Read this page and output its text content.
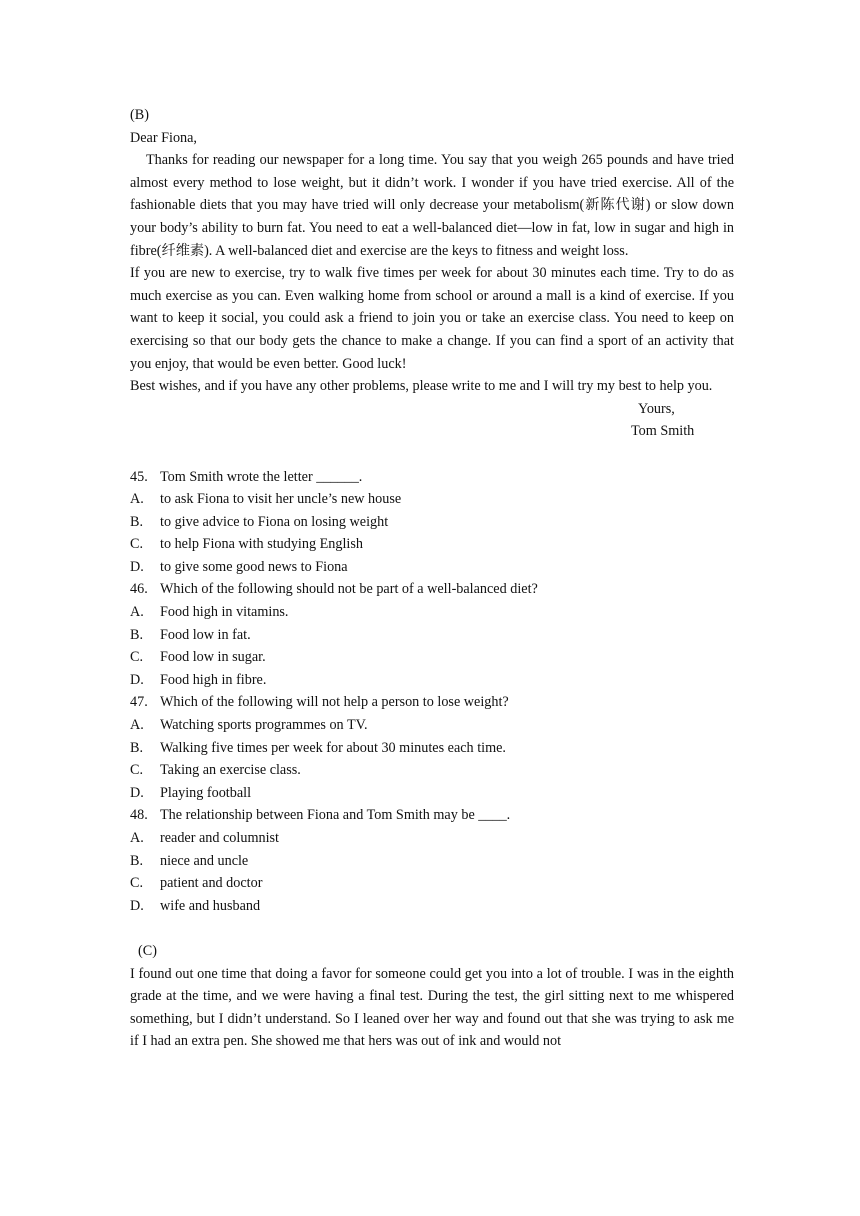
(B)

Dear Fiona,

Thanks for reading our newspaper for a long time. You say that you weigh 265 pounds and have tried almost every method to lose weight, but it didn’t work. I wonder if you have tried exercise. All of the fashionable diets that you may have tried will only decrease your metabolism(新陈代谢) or slow down your body’s ability to burn fat. You need to eat a well-balanced diet—low in fat, low in sugar and high in fibre(纤维素). A well-balanced diet and exercise are the keys to fitness and weight loss.

If you are new to exercise, try to walk five times per week for about 30 minutes each time. Try to do as much exercise as you can. Even walking home from school or around a mall is a kind of exercise. If you want to keep it social, you could ask a friend to join you or take an exercise class. You need to keep on exercising so that our body gets the chance to make a change. If you can find a sport of an activity that you enjoy, that would be even better. Good luck!

Best wishes, and if you have any other problems, please write to me and I will try my best to help you.

Yours,

Tom Smith

45. Tom Smith wrote the letter ______.
A.	to ask Fiona to visit her uncle’s new house
B.	to give advice to Fiona on losing weight
C.	to help Fiona with studying English
D.	to give some good news to Fiona
46. Which of the following should not be part of a well-balanced diet?
A.	Food high in vitamins.
B.	Food low in fat.
C.	Food low in sugar.
D.	Food high in fibre.
47. Which of the following will not help a person to lose weight?
A.	Watching sports programmes on TV.
B.	Walking five times per week for about 30 minutes each time.
C.	Taking an exercise class.
D.	Playing football
48. The relationship between Fiona and Tom Smith may be ____.
A.	reader and columnist
B.	niece and uncle
C.	patient and doctor
D.	wife and husband

(C)

I found out one time that doing a favor for someone could get you into a lot of trouble. I was in the eighth grade at the time, and we were having a final test. During the test, the girl sitting next to me whispered something, but I didn’t understand. So I leaned over her way and found out that she was trying to ask me if I had an extra pen. She showed me that hers was out of ink and would not
